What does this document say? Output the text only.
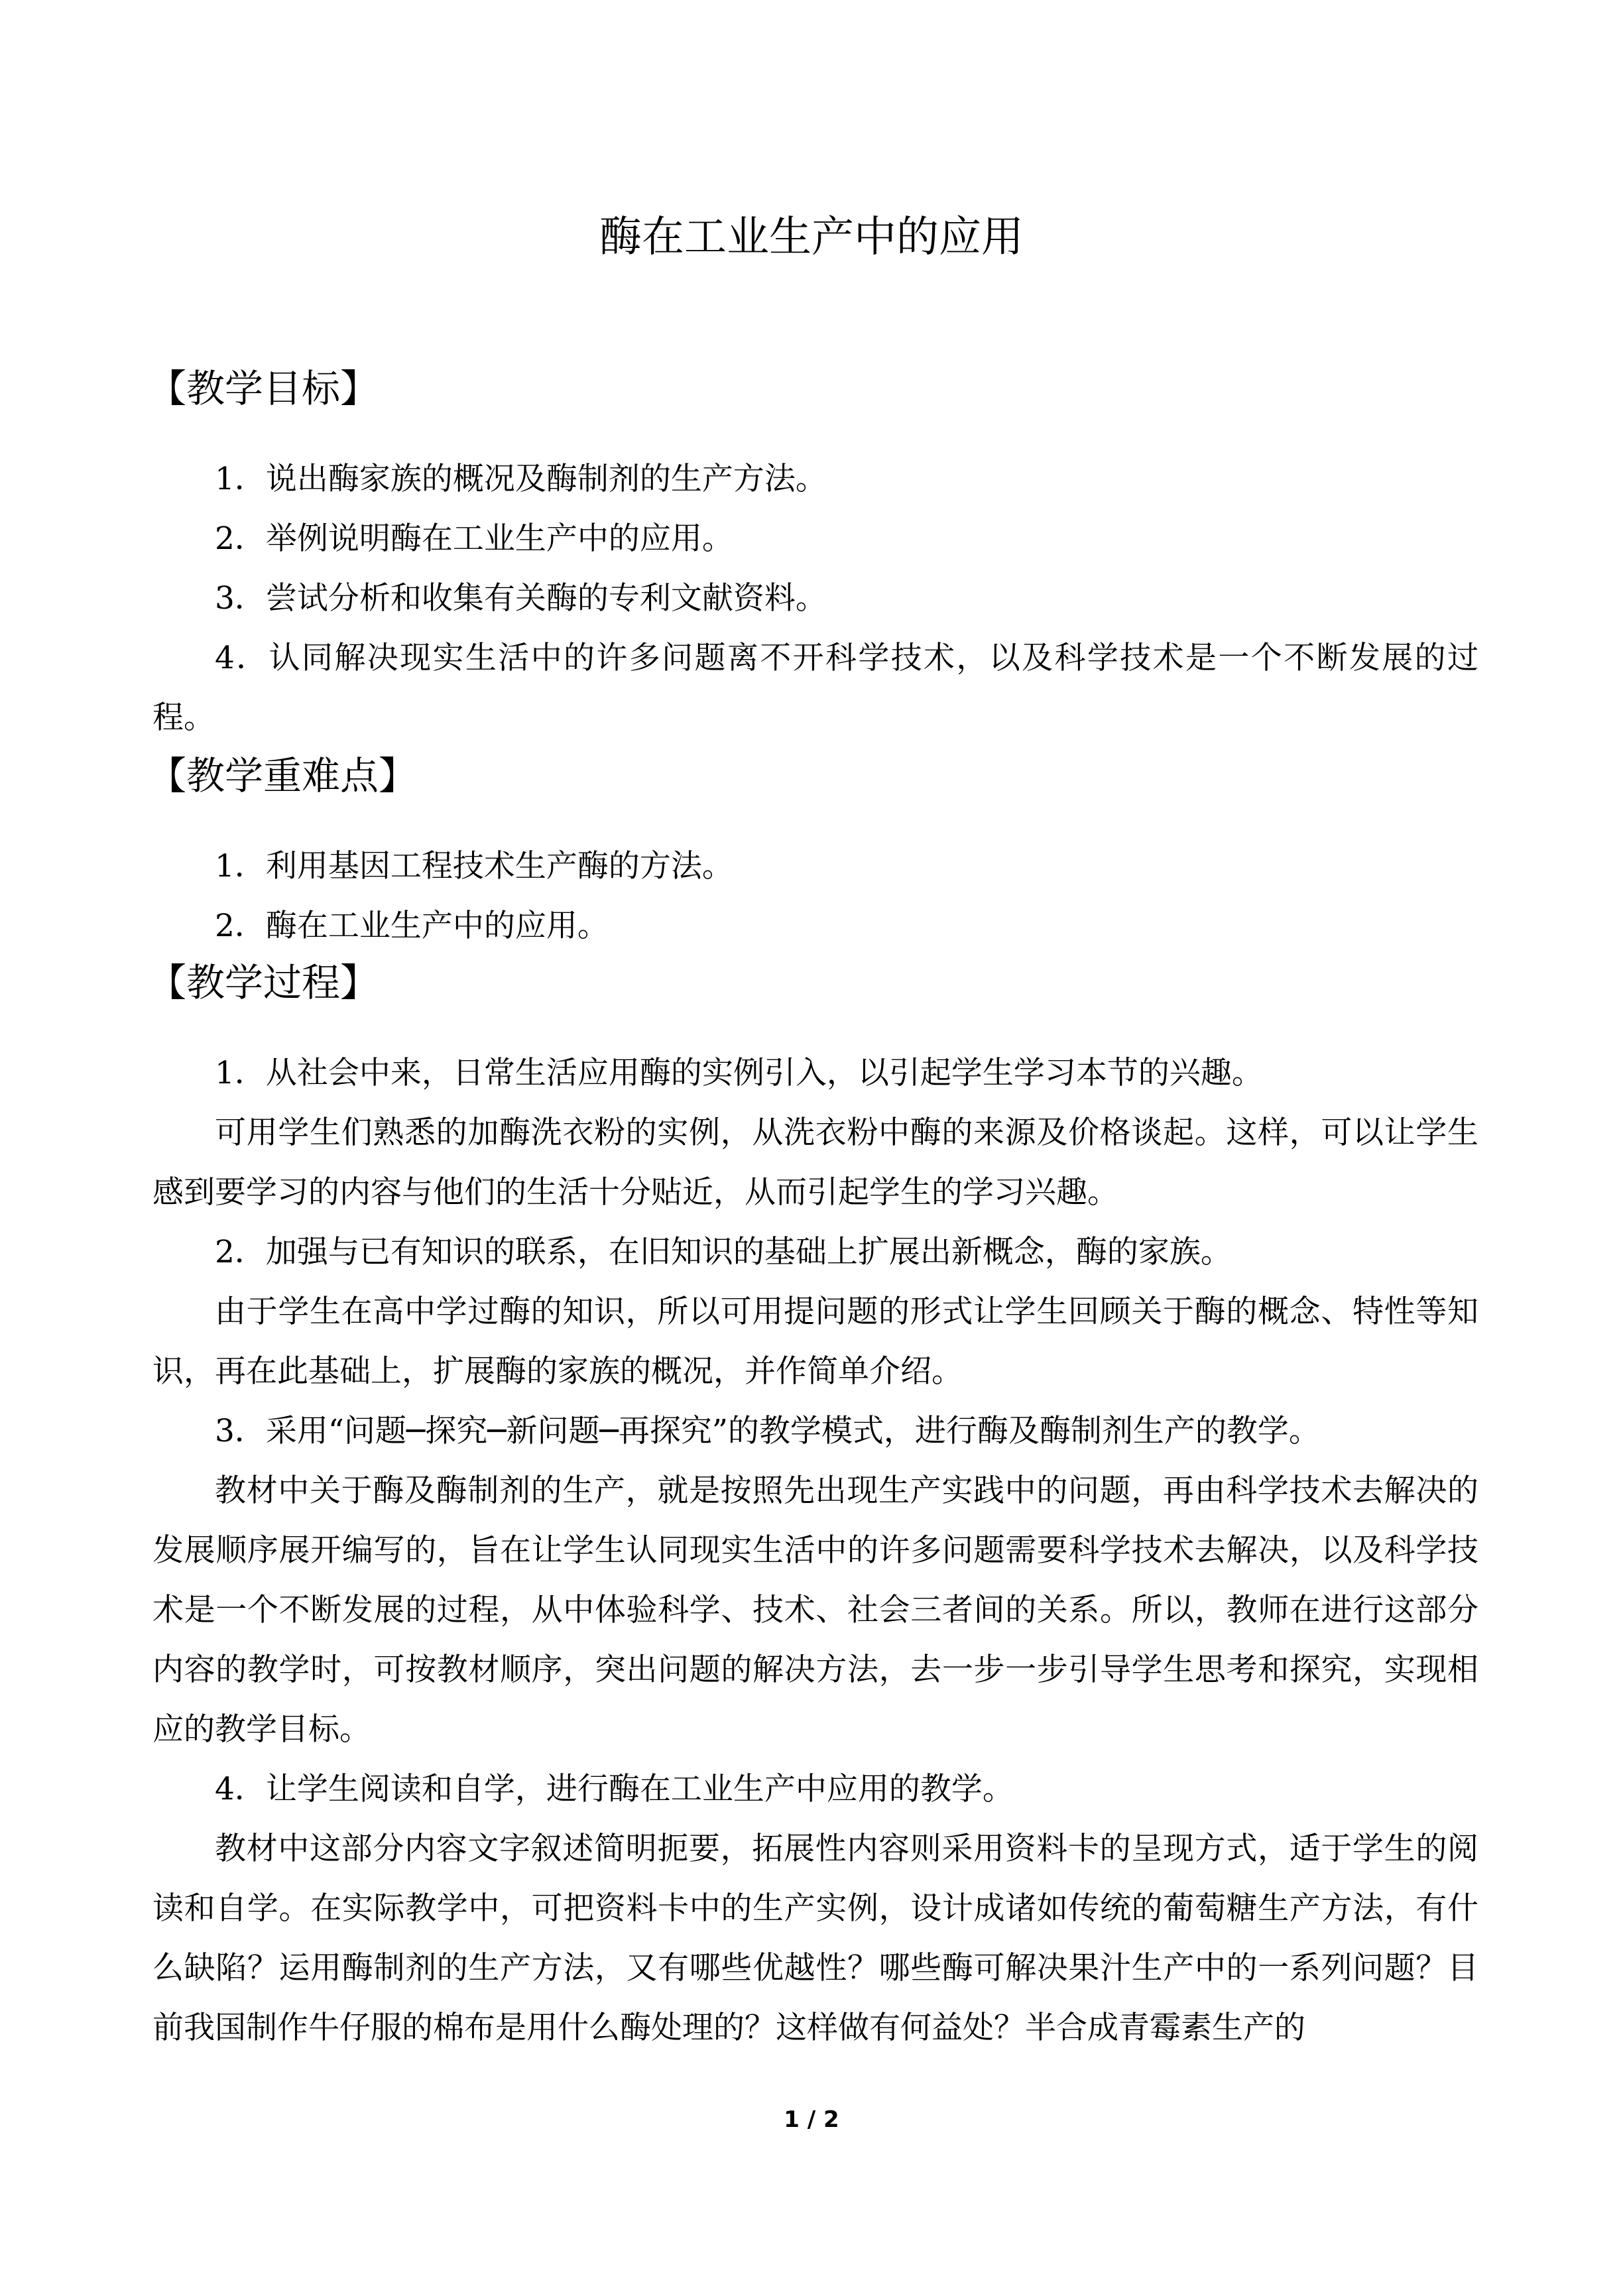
酶在工业生产中的应用
【教学目标】

1．说出酶家族的概况及酶制剂的生产方法。

2．举例说明酶在工业生产中的应用。

3．尝试分析和收集有关酶的专利文献资料。

4．认同解决现实生活中的许多问题离不开科学技术，以及科学技术是一个不断发展的过程。

【教学重难点】

1．利用基因工程技术生产酶的方法。

2．酶在工业生产中的应用。

【教学过程】

1．从社会中来，日常生活应用酶的实例引入，以引起学生学习本节的兴趣。

可用学生们熟悉的加酶洗衣粉的实例，从洗衣粉中酶的来源及价格谈起。这样，可以让学生感到要学习的内容与他们的生活十分贴近，从而引起学生的学习兴趣。

2．加强与已有知识的联系，在旧知识的基础上扩展出新概念，酶的家族。

由于学生在高中学过酶的知识，所以可用提问题的形式让学生回顾关于酶的概念、特性等知识，再在此基础上，扩展酶的家族的概况，并作简单介绍。

3．采用“问题─探究─新问题─再探究”的教学模式，进行酶及酶制剂生产的教学。

教材中关于酶及酶制剂的生产，就是按照先出现生产实践中的问题，再由科学技术去解决的发展顺序展开编写的，旨在让学生认同现实生活中的许多问题需要科学技术去解决，以及科学技术是一个不断发展的过程，从中体验科学、技术、社会三者间的关系。所以，教师在进行这部分内容的教学时，可按教材顺序，突出问题的解决方法，去一步一步引导学生思考和探究，实现相应的教学目标。

4．让学生阅读和自学，进行酶在工业生产中应用的教学。

教材中这部分内容文字叙述简明扼要，拓展性内容则采用资料卡的呈现方式，适于学生的阅读和自学。在实际教学中，可把资料卡中的生产实例，设计成诸如传统的葡萄糖生产方法，有什么缺陷？运用酶制剂的生产方法，又有哪些优越性？哪些酶可解决果汁生产中的一系列问题？目前我国制作牛仔服的棉布是用什么酶处理的？这样做有何益处？半合成青霉素生产的

1 / 2
